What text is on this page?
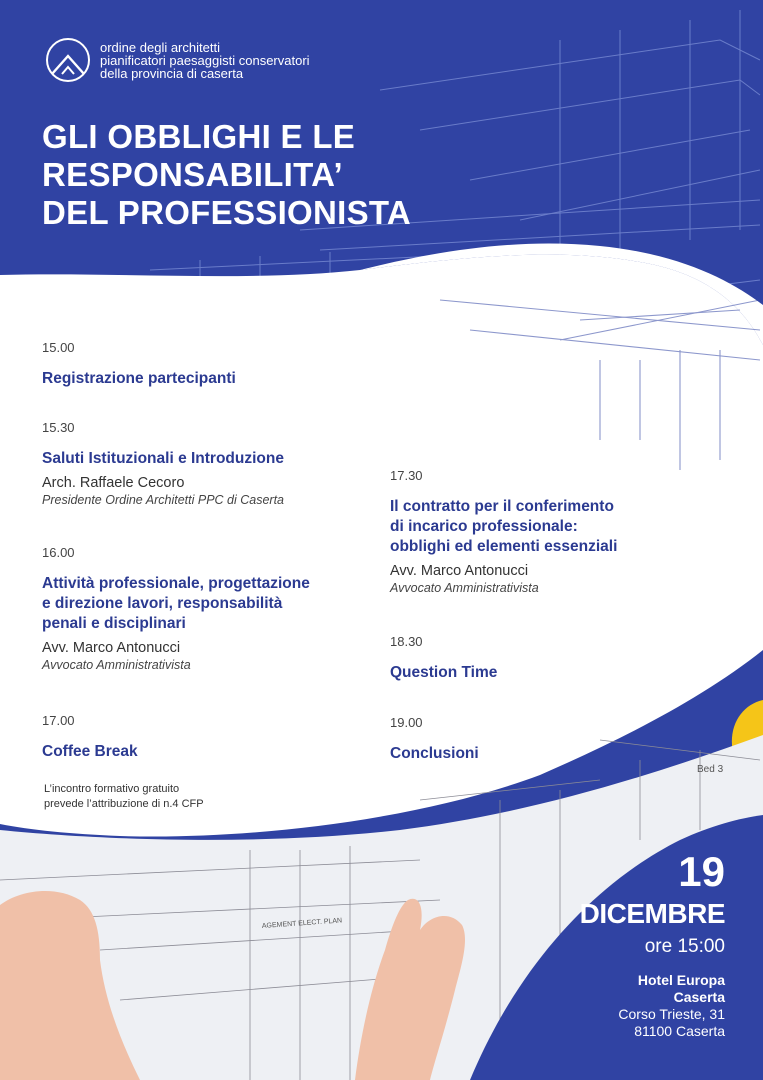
Bed 3
AGEMENT ELECT. PLAN
ordine degli architetti
pianificatori paesaggisti conservatori
della provincia di caserta
GLI OBBLIGHI E LE
RESPONSABILITA’
DEL PROFESSIONISTA
15.00
Registrazione partecipanti
15.30
Saluti Istituzionali e Introduzione
Arch. Raffaele Cecoro
Presidente Ordine Architetti PPC di Caserta
16.00
Attività professionale, progettazione
e direzione lavori, responsabilità
penali e disciplinari
Avv. Marco Antonucci
Avvocato Amministrativista
17.00
Coffee Break
17.30
Il contratto per il conferimento
di incarico professionale:
obblighi ed elementi essenziali
Avv. Marco Antonucci
Avvocato Amministrativista
18.30
Question Time
19.00
Conclusioni
L’incontro formativo gratuito
prevede l’attribuzione di n.4 CFP
19
DICEMBRE
ore 15:00
Hotel Europa
Caserta
Corso Trieste, 31
81100 Caserta
